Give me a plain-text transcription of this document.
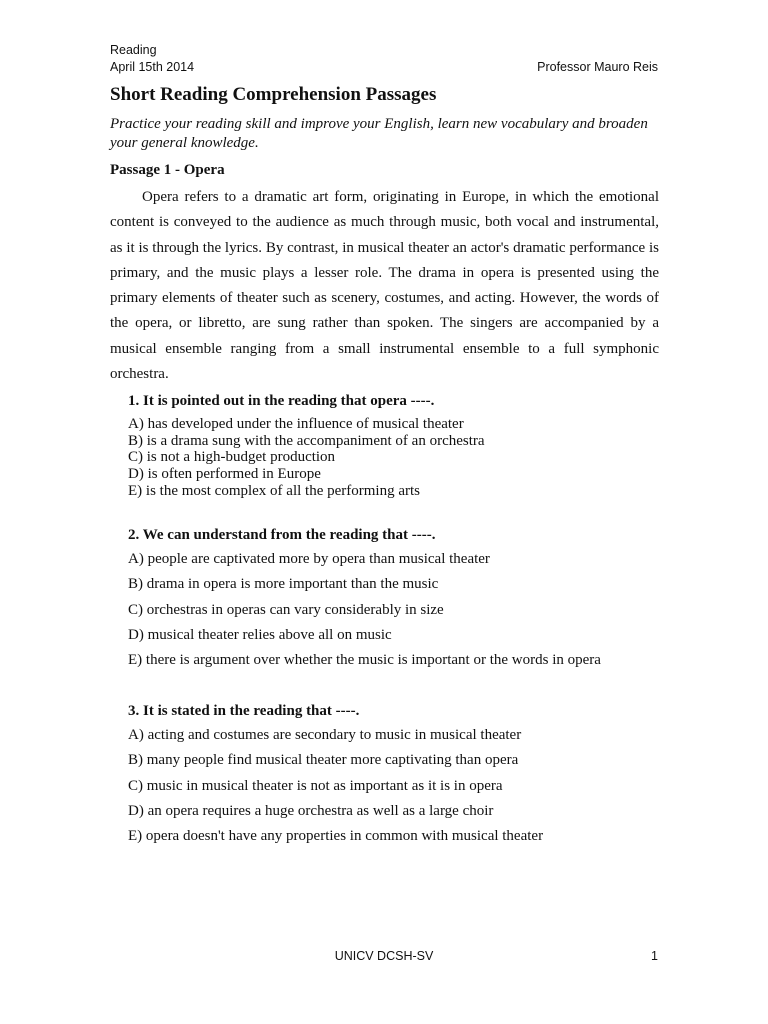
Reading
April 15th 2014	Professor Mauro Reis
Short Reading Comprehension Passages
Practice your reading skill and improve your English, learn new vocabulary and broaden your general knowledge.
Passage 1 - Opera

Opera refers to a dramatic art form, originating in Europe, in which the emotional content is conveyed to the audience as much through music, both vocal and instrumental, as it is through the lyrics. By contrast, in musical theater an actor's dramatic performance is primary, and the music plays a lesser role. The drama in opera is presented using the primary elements of theater such as scenery, costumes, and acting. However, the words of the opera, or libretto, are sung rather than spoken. The singers are accompanied by a musical ensemble ranging from a small instrumental ensemble to a full symphonic orchestra.

1. It is pointed out in the reading that opera ----.

A) has developed under the influence of musical theater
B) is a drama sung with the accompaniment of an orchestra
C) is not a high-budget production
D) is often performed in Europe
E) is the most complex of all the performing arts

2. We can understand from the reading that ----.

A) people are captivated more by opera than musical theater
B) drama in opera is more important than the music
C) orchestras in operas can vary considerably in size
D) musical theater relies above all on music
E) there is argument over whether the music is important or the words in opera

3. It is stated in the reading that ----.

A) acting and costumes are secondary to music in musical theater
B) many people find musical theater more captivating than opera
C) music in musical theater is not as important as it is in opera
D) an opera requires a huge orchestra as well as a large choir
E) opera doesn't have any properties in common with musical theater
UNICV DCSH-SV	1
